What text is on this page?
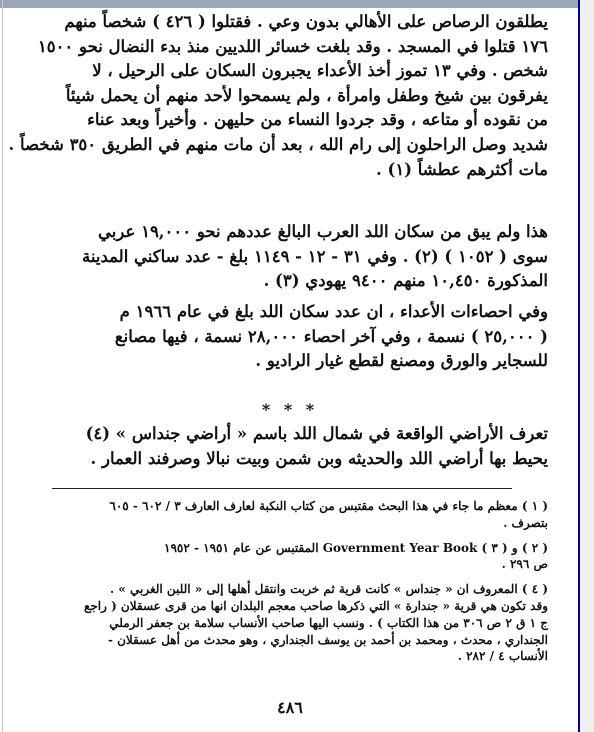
يطلقون الرصاص على الأهالي بدون وعي . فقتلوا ( ٤٢٦ ) شخصاً منهم
١٧٦ قتلوا في المسجد . وقد بلغت خسائر اللديين منذ بدء النضال نحو ١٥٠٠
شخص . وفي ١٣ تموز أخذ الأعداء يجبرون السكان على الرحيل ، لا
يفرقون بين شيخ وطفل وامرأة ، ولم يسمحوا لأحد منهم أن يحمل شيئاً
من نقوده أو متاعه ، وقد جردوا النساء من حليهن . وأخيراً وبعد عناء
شديد وصل الراحلون إلى رام الله ، بعد أن مات منهم في الطريق ٣٥٠ شخصاً .
مات أكثرهم عطشاً (١) .
هذا ولم يبق من سكان اللد العرب البالغ عددهم نحو ١٩,٠٠٠ عربي
سوى ( ١٠٥٢ ) (٢) . وفي ٣١ - ١٢ - ١١٤٩ بلغ - عدد ساكني المدينة
المذكورة ١٠,٤٥٠ منهم ٩٤٠٠ يهودي (٣) .
وفي احصاءات الأعداء ، ان عدد سكان اللد بلغ في عام ١٩٦٦ م
( ٢٥,٠٠٠ ) نسمة ، وفي آخر احصاء ٢٨,٠٠٠ نسمة ، فيها مصانع
للسجاير والورق ومصنع لقطع غيار الراديو .
* * *
تعرف الأراضي الواقعة في شمال اللد باسم « أراضي جنداس » (٤)
يحيط بها أراضي اللد والحديثه وبن شمن وبيت نبالا وصرفند العمار .
( ١ ) معظم ما جاء في هذا البحث مقتبس من كتاب النكبة لعارف العارف ٣ / ٦٠٢ - ٦٠٥
بتصرف .
( ٢ ) و ( ٣ ) Government Year Book المقتبس عن عام ١٩٥١ - ١٩٥٢
ص ٢٩٦ .
( ٤ ) المعروف ان « جنداس » كانت قرية ثم خربت وانتقل أهلها إلى « اللبن الغربي » .
وقد تكون هي قرية « جندارة » التي ذكرها صاحب معجم البلدان انها من قرى عسقلان ( راجع
ج ١ ق ٢ ص ٣٠٦ من هذا الكتاب ) . ونسب اليها صاحب الأنساب سلامة بن جعفر الرملي
الجنداري ، محدث ، ومحمد بن أحمد بن يوسف الجنداري ، وهو محدث من أهل عسقلان -
الأنساب ٤ / ٢٨٢ .
٤٨٦
